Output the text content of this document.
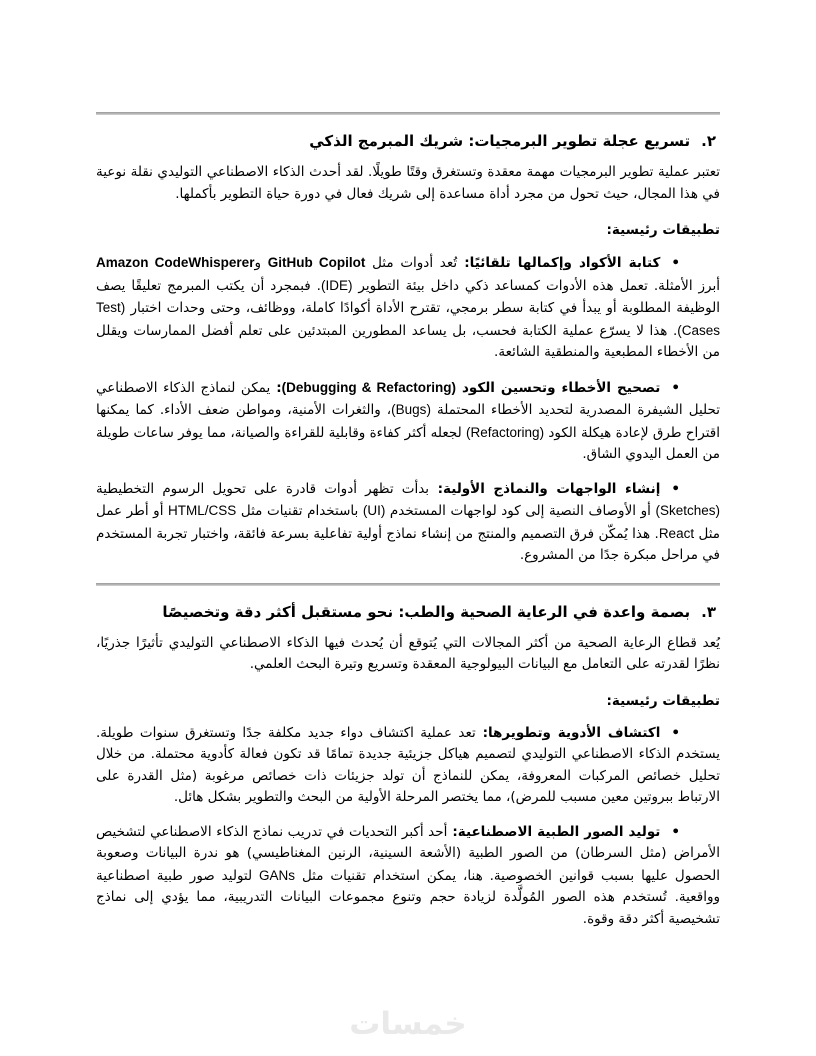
٢.تسريع عجلة تطوير البرمجيات: شريك المبرمج الذكي

تعتبر عملية تطوير البرمجيات مهمة معقدة وتستغرق وقتًا طويلًا. لقد أحدث الذكاء الاصطناعي التوليدي نقلة نوعية في هذا المجال، حيث تحول من مجرد أداة مساعدة إلى شريك فعال في دورة حياة التطوير بأكملها.

تطبيقات رئيسية:

• كتابة الأكواد وإكمالها تلقائيًا: تُعد أدوات مثل GitHub Copilot وAmazon CodeWhisperer أبرز الأمثلة. تعمل هذه الأدوات كمساعد ذكي داخل بيئة التطوير (IDE). فبمجرد أن يكتب المبرمج تعليقًا يصف الوظيفة المطلوبة أو يبدأ في كتابة سطر برمجي، تقترح الأداة أكوادًا كاملة، ووظائف، وحتى وحدات اختبار (Test Cases). هذا لا يسرّع عملية الكتابة فحسب، بل يساعد المطورين المبتدئين على تعلم أفضل الممارسات ويقلل من الأخطاء المطبعية والمنطقية الشائعة.
• تصحيح الأخطاء وتحسين الكود (Debugging & Refactoring): يمكن لنماذج الذكاء الاصطناعي تحليل الشيفرة المصدرية لتحديد الأخطاء المحتملة (Bugs)، والثغرات الأمنية، ومواطن ضعف الأداء. كما يمكنها اقتراح طرق لإعادة هيكلة الكود (Refactoring) لجعله أكثر كفاءة وقابلية للقراءة والصيانة، مما يوفر ساعات طويلة من العمل اليدوي الشاق.
• إنشاء الواجهات والنماذج الأولية: بدأت تظهر أدوات قادرة على تحويل الرسوم التخطيطية (Sketches) أو الأوصاف النصية إلى كود لواجهات المستخدم (UI) باستخدام تقنيات مثل HTML/CSS أو أطر عمل مثل React. هذا يُمكّن فرق التصميم والمنتج من إنشاء نماذج أولية تفاعلية بسرعة فائقة، واختبار تجربة المستخدم في مراحل مبكرة جدًا من المشروع.
٣.بصمة واعدة في الرعاية الصحية والطب: نحو مستقبل أكثر دقة وتخصيصًا

يُعد قطاع الرعاية الصحية من أكثر المجالات التي يُتوقع أن يُحدث فيها الذكاء الاصطناعي التوليدي تأثيرًا جذريًا، نظرًا لقدرته على التعامل مع البيانات البيولوجية المعقدة وتسريع وتيرة البحث العلمي.

تطبيقات رئيسية:

• اكتشاف الأدوية وتطويرها: تعد عملية اكتشاف دواء جديد مكلفة جدًا وتستغرق سنوات طويلة. يستخدم الذكاء الاصطناعي التوليدي لتصميم هياكل جزيئية جديدة تمامًا قد تكون فعالة كأدوية محتملة. من خلال تحليل خصائص المركبات المعروفة، يمكن للنماذج أن تولد جزيئات ذات خصائص مرغوبة (مثل القدرة على الارتباط ببروتين معين مسبب للمرض)، مما يختصر المرحلة الأولية من البحث والتطوير بشكل هائل.
• توليد الصور الطبية الاصطناعية: أحد أكبر التحديات في تدريب نماذج الذكاء الاصطناعي لتشخيص الأمراض (مثل السرطان) من الصور الطبية (الأشعة السينية، الرنين المغناطيسي) هو ندرة البيانات وصعوبة الحصول عليها بسبب قوانين الخصوصية. هنا، يمكن استخدام تقنيات مثل GANs لتوليد صور طبية اصطناعية وواقعية. تُستخدم هذه الصور المُولَّدة لزيادة حجم وتنوع مجموعات البيانات التدريبية، مما يؤدي إلى نماذج تشخيصية أكثر دقة وقوة.
خمسات
